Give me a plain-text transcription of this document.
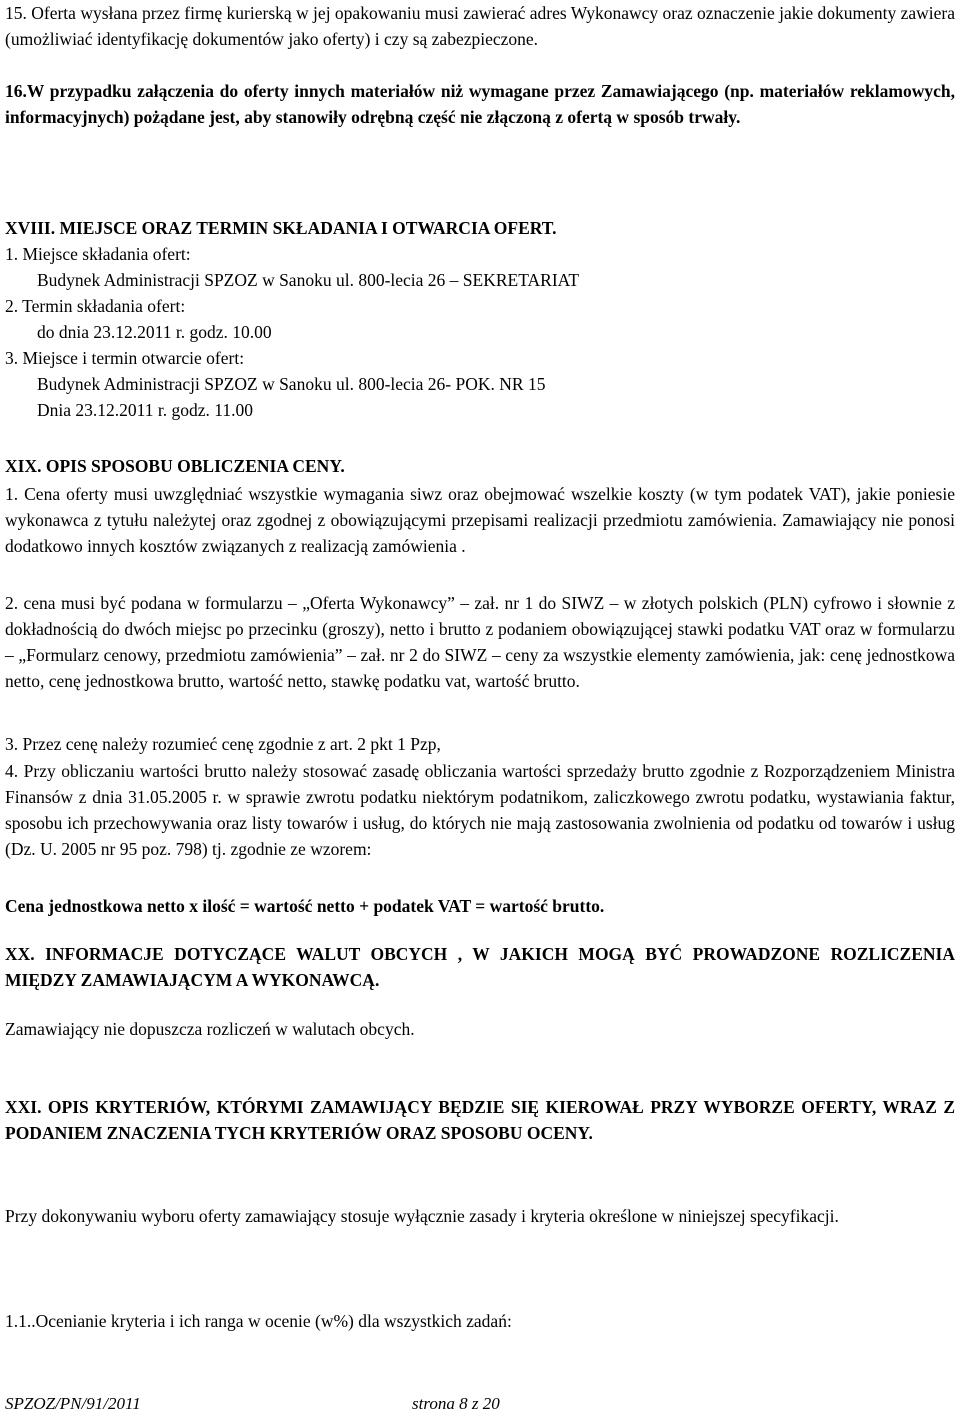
15. Oferta wysłana przez firmę kurierską w jej opakowaniu musi zawierać adres Wykonawcy oraz oznaczenie jakie dokumenty zawiera (umożliwiać identyfikację dokumentów jako oferty) i czy są zabezpieczone.

16.W przypadku załączenia do oferty innych materiałów niż wymagane przez Zamawiającego (np. materiałów reklamowych, informacyjnych) pożądane jest, aby stanowiły odrębną część nie złączoną z ofertą w sposób trwały.

XVIII. MIEJSCE ORAZ TERMIN SKŁADANIA I OTWARCIA OFERT.

1. Miejsce składania ofert:

Budynek Administracji SPZOZ w Sanoku ul. 800-lecia 26 – SEKRETARIAT

2. Termin składania ofert:

do dnia 23.12.2011 r. godz. 10.00

3. Miejsce i termin otwarcie ofert:

Budynek Administracji SPZOZ w Sanoku ul. 800-lecia 26- POK. NR 15

Dnia 23.12.2011 r. godz. 11.00

XIX. OPIS SPOSOBU OBLICZENIA CENY.

1. Cena oferty musi uwzględniać wszystkie wymagania siwz oraz obejmować wszelkie koszty (w tym podatek VAT), jakie poniesie wykonawca z tytułu należytej oraz zgodnej z obowiązującymi przepisami realizacji przedmiotu zamówienia. Zamawiający nie ponosi dodatkowo innych kosztów związanych z realizacją zamówienia .

2. cena musi być podana w formularzu – „Oferta Wykonawcy” – zał. nr 1 do SIWZ – w złotych polskich (PLN) cyfrowo i słownie z dokładnością do dwóch miejsc po przecinku (groszy), netto i brutto z podaniem obowiązującej stawki podatku VAT oraz w formularzu – „Formularz cenowy, przedmiotu zamówienia” – zał. nr 2 do SIWZ – ceny za wszystkie elementy zamówienia, jak: cenę jednostkowa netto, cenę jednostkowa brutto, wartość netto, stawkę podatku vat, wartość brutto.

3. Przez cenę należy rozumieć cenę zgodnie z art. 2 pkt 1 Pzp,

4. Przy obliczaniu wartości brutto należy stosować zasadę obliczania wartości sprzedaży brutto zgodnie z Rozporządzeniem Ministra Finansów z dnia 31.05.2005 r. w sprawie zwrotu podatku niektórym podatnikom, zaliczkowego zwrotu podatku, wystawiania faktur, sposobu ich przechowywania oraz listy towarów i usług, do których nie mają zastosowania zwolnienia od podatku od towarów i usług (Dz. U. 2005 nr 95 poz. 798) tj. zgodnie ze wzorem:

Cena jednostkowa netto x ilość = wartość netto + podatek VAT = wartość brutto.

XX. INFORMACJE DOTYCZĄCE WALUT OBCYCH , W JAKICH MOGĄ BYĆ PROWADZONE ROZLICZENIA MIĘDZY ZAMAWIAJĄCYM A WYKONAWCĄ.

Zamawiający nie dopuszcza rozliczeń w walutach obcych.

XXI. OPIS KRYTERIÓW, KTÓRYMI ZAMAWIJĄCY BĘDZIE SIĘ KIEROWAŁ PRZY WYBORZE OFERTY, WRAZ Z PODANIEM ZNACZENIA TYCH KRYTERIÓW ORAZ SPOSOBU OCENY.

Przy dokonywaniu wyboru oferty zamawiający stosuje wyłącznie zasady i kryteria określone w niniejszej specyfikacji.

1.1..Ocenianie kryteria i ich ranga w ocenie (w%) dla wszystkich zadań:

SPZOZ/PN/91/2011	strona 8 z 20
